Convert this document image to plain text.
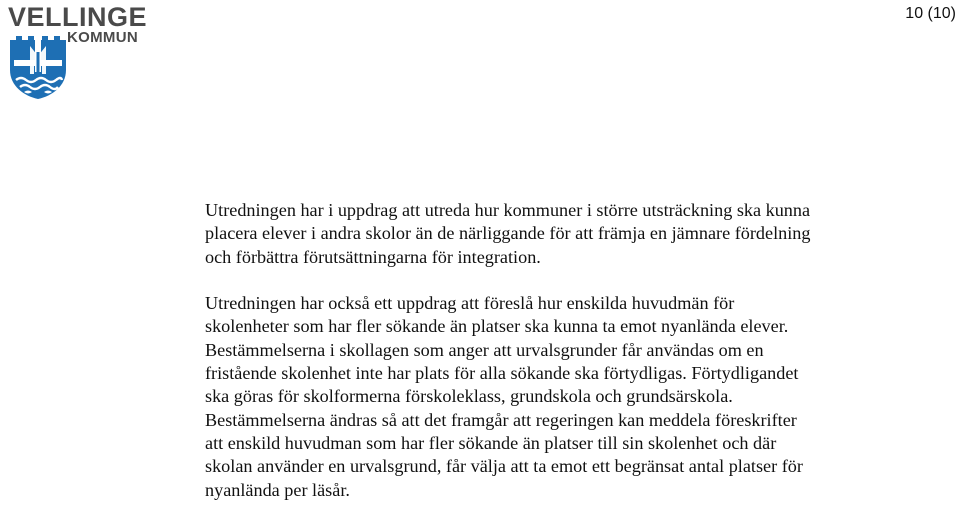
VELLINGE
KOMMUN
10 (10)

Utredningen har i uppdrag att utreda hur kommuner i större utsträckning ska kunna
placera elever i andra skolor än de närliggande för att främja en jämnare fördelning
och förbättra förutsättningarna för integration.

Utredningen har också ett uppdrag att föreslå hur enskilda huvudmän för
skolenheter som har fler sökande än platser ska kunna ta emot nyanlända elever.
Bestämmelserna i skollagen som anger att urvalsgrunder får användas om en
fristående skolenhet inte har plats för alla sökande ska förtydligas. Förtydligandet
ska göras för skolformerna förskoleklass, grundskola och grundsärskola.
Bestämmelserna ändras så att det framgår att regeringen kan meddela föreskrifter
att enskild huvudman som har fler sökande än platser till sin skolenhet och där
skolan använder en urvalsgrund, får välja att ta emot ett begränsat antal platser för
nyanlända per läsår.
